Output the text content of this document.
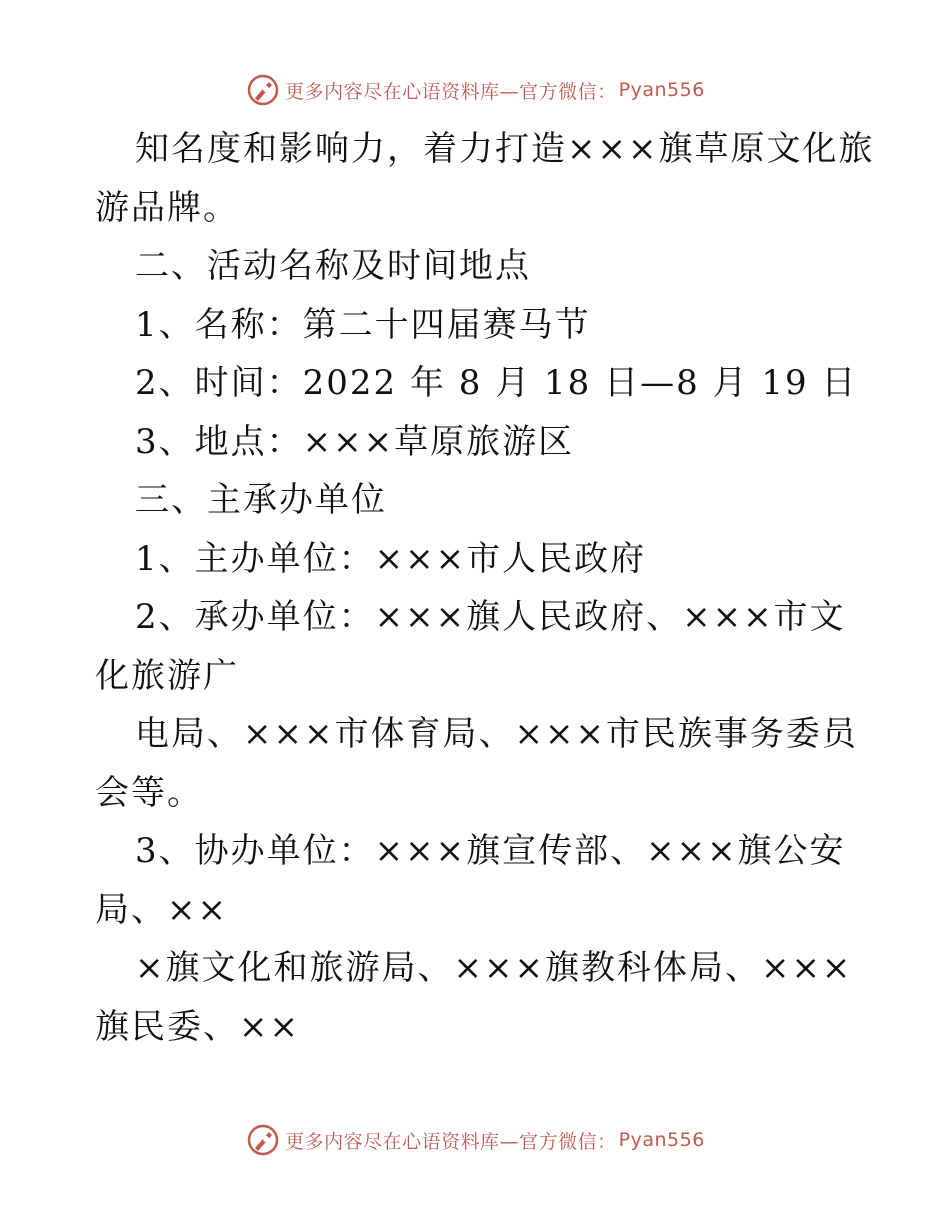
更多内容尽在心语资料库—官方微信： Pyan556
知名度和影响力，着力打造×××旗草原文化旅
游品牌。
二、活动名称及时间地点
1、名称：第二十四届赛马节
2、时间：2022 年 8 月 18 日—8 月 19 日
3、地点：×××草原旅游区
三、主承办单位
1、主办单位：×××市人民政府
2、承办单位：×××旗人民政府、×××市文
化旅游广
电局、×××市体育局、×××市民族事务委员
会等。
3、协办单位：×××旗宣传部、×××旗公安
局、××
×旗文化和旅游局、×××旗教科体局、×××
旗民委、××
更多内容尽在心语资料库—官方微信： Pyan556
